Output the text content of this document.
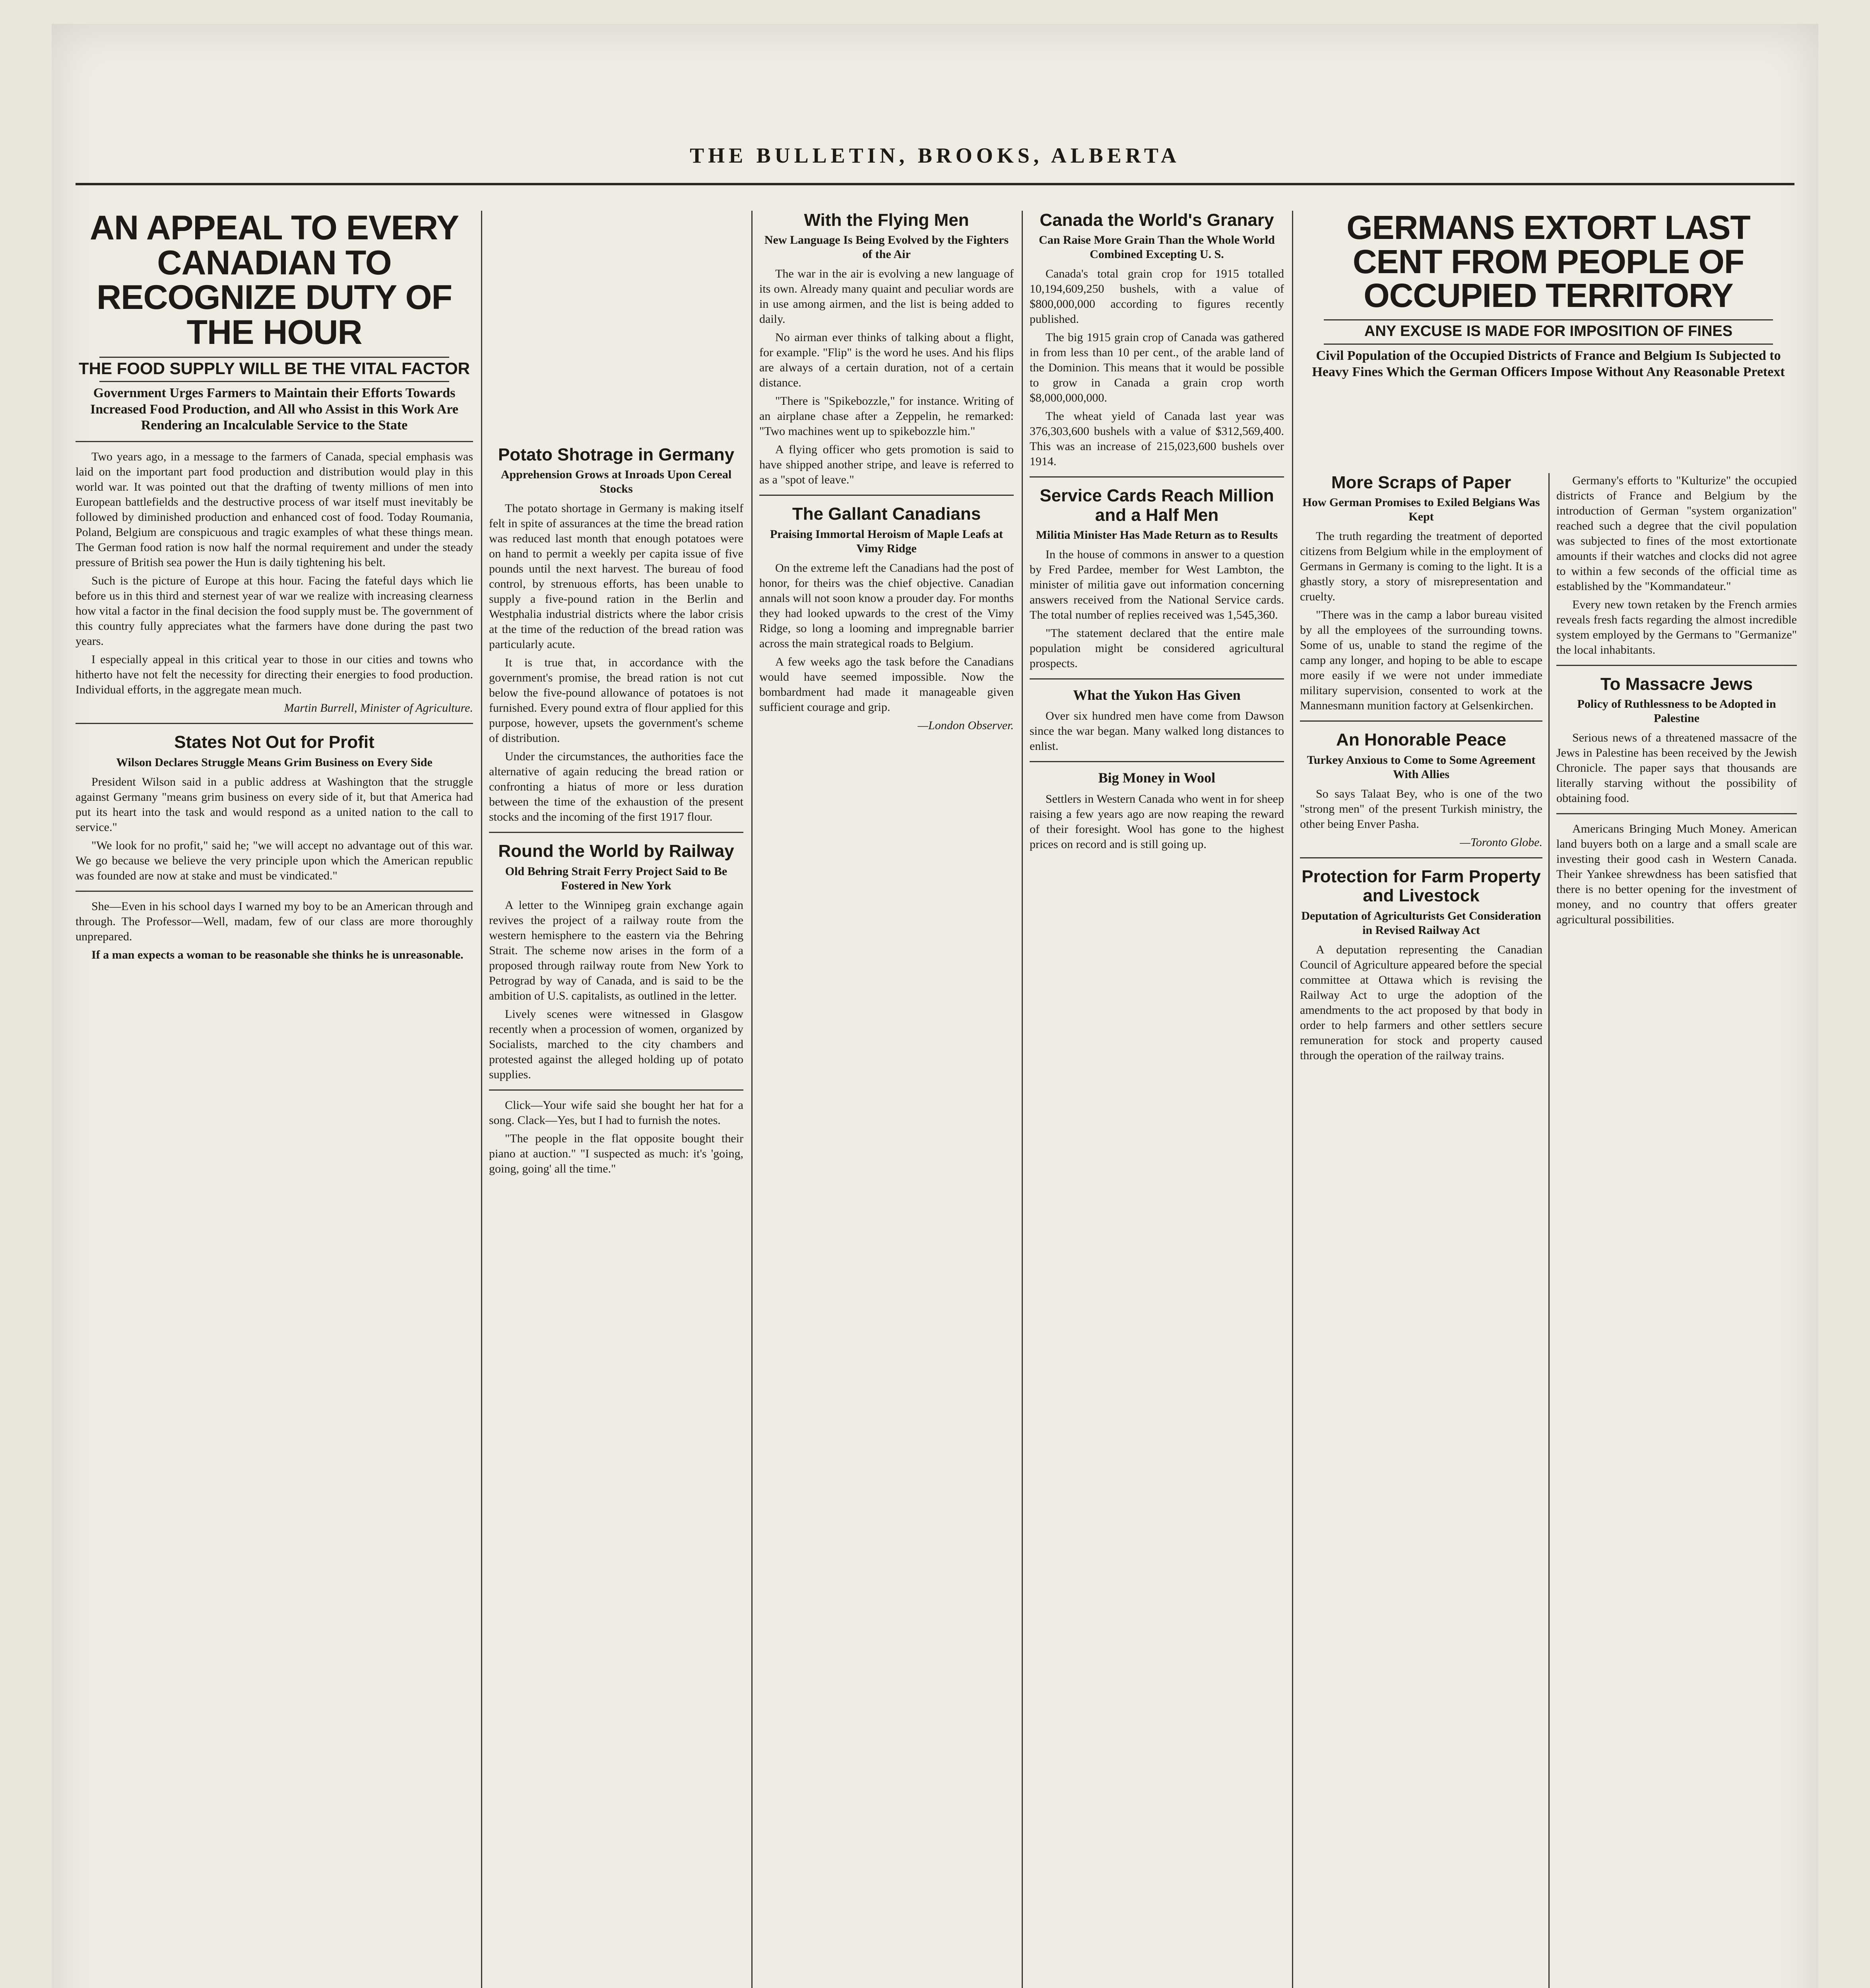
THE BULLETIN, BROOKS, ALBERTA
AN APPEAL TO EVERY CANADIAN TO RECOGNIZE DUTY OF THE HOUR
THE FOOD SUPPLY WILL BE THE VITAL FACTOR
Government Urges Farmers to Maintain their Efforts Towards Increased Food Production, and All who Assist in this Work Are Rendering an Incalculable Service to the State

Two years ago, in a message to the farmers of Canada, special emphasis was laid on the important part food production and distribution would play in this world war. It was pointed out that the drafting of twenty millions of men into European battlefields and the destructive process of war itself must inevitably be followed by diminished production and enhanced cost of food. Today Roumania, Poland, Belgium are conspicuous and tragic examples of what these things mean. The German food ration is now half the normal requirement and under the steady pressure of British sea power the Hun is daily tightening his belt.

Such is the picture of Europe at this hour. Facing the fateful days which lie before us in this third and sternest year of war we realize with increasing clearness how vital a factor in the final decision the food supply must be. The government of this country fully appreciates what the farmers have done during the past two years.

I especially appeal in this critical year to those in our cities and towns who hitherto have not felt the necessity for directing their energies to food production. Individual efforts, in the aggregate mean much.

Martin Burrell, Minister of Agriculture.
States Not Out for Profit
Wilson Declares Struggle Means Grim Business on Every Side

President Wilson said in a public address at Washington that the struggle against Germany "means grim business on every side of it, but that America had put its heart into the task and would respond as a united nation to the call to service."

"We look for no profit," said he; "we will accept no advantage out of this war. We go because we believe the very principle upon which the American republic was founded are now at stake and must be vindicated."

She—Even in his school days I warned my boy to be an American through and through. The Professor—Well, madam, few of our class are more thoroughly unprepared.

If a man expects a woman to be reasonable she thinks he is unreasonable.

Potato Shotrage in Germany
Apprehension Grows at Inroads Upon Cereal Stocks

The potato shortage in Germany is making itself felt in spite of assurances at the time the bread ration was reduced last month that enough potatoes were on hand to permit a weekly per capita issue of five pounds until the next harvest. The bureau of food control, by strenuous efforts, has been unable to supply a five-pound ration in the Berlin and Westphalia industrial districts where the labor crisis at the time of the reduction of the bread ration was particularly acute.

It is true that, in accordance with the government's promise, the bread ration is not cut below the five-pound allowance of potatoes is not furnished. Every pound extra of flour applied for this purpose, however, upsets the government's scheme of distribution.

Under the circumstances, the authorities face the alternative of again reducing the bread ration or confronting a hiatus of more or less duration between the time of the exhaustion of the present stocks and the incoming of the first 1917 flour.

Round the World by Railway
Old Behring Strait Ferry Project Said to Be Fostered in New York

A letter to the Winnipeg grain exchange again revives the project of a railway route from the western hemisphere to the eastern via the Behring Strait. The scheme now arises in the form of a proposed through railway route from New York to Petrograd by way of Canada, and is said to be the ambition of U.S. capitalists, as outlined in the letter.

Lively scenes were witnessed in Glasgow recently when a procession of women, organized by Socialists, marched to the city chambers and protested against the alleged holding up of potato supplies.

Click—Your wife said she bought her hat for a song. Clack—Yes, but I had to furnish the notes.

"The people in the flat opposite bought their piano at auction." "I suspected as much: it's 'going, going, going' all the time."

With the Flying Men
New Language Is Being Evolved by the Fighters of the Air

The war in the air is evolving a new language of its own. Already many quaint and peculiar words are in use among airmen, and the list is being added to daily.

No airman ever thinks of talking about a flight, for example. "Flip" is the word he uses. And his flips are always of a certain duration, not of a certain distance.

"There is "Spikebozzle," for instance. Writing of an airplane chase after a Zeppelin, he remarked: "Two machines went up to spikebozzle him."

A flying officer who gets promotion is said to have shipped another stripe, and leave is referred to as a "spot of leave."

The Gallant Canadians
Praising Immortal Heroism of Maple Leafs at Vimy Ridge

On the extreme left the Canadians had the post of honor, for theirs was the chief objective. Canadian annals will not soon know a prouder day. For months they had looked upwards to the crest of the Vimy Ridge, so long a looming and impregnable barrier across the main strategical roads to Belgium.

A few weeks ago the task before the Canadians would have seemed impossible. Now the bombardment had made it manageable given sufficient courage and grip.

—London Observer.
Canada the World's Granary
Can Raise More Grain Than the Whole World Combined Excepting U. S.

Canada's total grain crop for 1915 totalled 10,194,609,250 bushels, with a value of $800,000,000 according to figures recently published.

The big 1915 grain crop of Canada was gathered in from less than 10 per cent., of the arable land of the Dominion. This means that it would be possible to grow in Canada a grain crop worth $8,000,000,000.

The wheat yield of Canada last year was 376,303,600 bushels with a value of $312,569,400. This was an increase of 215,023,600 bushels over 1914.

Service Cards Reach Million and a Half Men
Militia Minister Has Made Return as to Results

In the house of commons in answer to a question by Fred Pardee, member for West Lambton, the minister of militia gave out information concerning answers received from the National Service cards. The total number of replies received was 1,545,360.

"The statement declared that the entire male population might be considered agricultural prospects.

What the Yukon Has Given

Over six hundred men have come from Dawson since the war began. Many walked long distances to enlist.

Big Money in Wool

Settlers in Western Canada who went in for sheep raising a few years ago are now reaping the reward of their foresight. Wool has gone to the highest prices on record and is still going up.

GERMANS EXTORT LAST CENT FROM PEOPLE OF OCCUPIED TERRITORY
ANY EXCUSE IS MADE FOR IMPOSITION OF FINES
Civil Population of the Occupied Districts of France and Belgium Is Subjected to Heavy Fines Which the German Officers Impose Without Any Reasonable Pretext
More Scraps of Paper
How German Promises to Exiled Belgians Was Kept

The truth regarding the treatment of deported citizens from Belgium while in the employment of Germans in Germany is coming to the light. It is a ghastly story, a story of misrepresentation and cruelty.

"There was in the camp a labor bureau visited by all the employees of the surrounding towns. Some of us, unable to stand the regime of the camp any longer, and hoping to be able to escape more easily if we were not under immediate military supervision, consented to work at the Mannesmann munition factory at Gelsenkirchen.

An Honorable Peace
Turkey Anxious to Come to Some Agreement With Allies

So says Talaat Bey, who is one of the two "strong men" of the present Turkish ministry, the other being Enver Pasha.

—Toronto Globe.
Protection for Farm Property and Livestock
Deputation of Agriculturists Get Consideration in Revised Railway Act

A deputation representing the Canadian Council of Agriculture appeared before the special committee at Ottawa which is revising the Railway Act to urge the adoption of the amendments to the act proposed by that body in order to help farmers and other settlers secure remuneration for stock and property caused through the operation of the railway trains.

Germany's efforts to "Kulturize" the occupied districts of France and Belgium by the introduction of German "system organization" reached such a degree that the civil population was subjected to fines of the most extortionate amounts if their watches and clocks did not agree to within a few seconds of the official time as established by the "Kommandateur."

Every new town retaken by the French armies reveals fresh facts regarding the almost incredible system employed by the Germans to "Germanize" the local inhabitants.

To Massacre Jews
Policy of Ruthlessness to be Adopted in Palestine

Serious news of a threatened massacre of the Jews in Palestine has been received by the Jewish Chronicle. The paper says that thousands are literally starving without the possibility of obtaining food.

Americans Bringing Much Money. American land buyers both on a large and a small scale are investing their good cash in Western Canada. Their Yankee shrewdness has been satisfied that there is no better opening for the investment of money, and no country that offers greater agricultural possibilities.
